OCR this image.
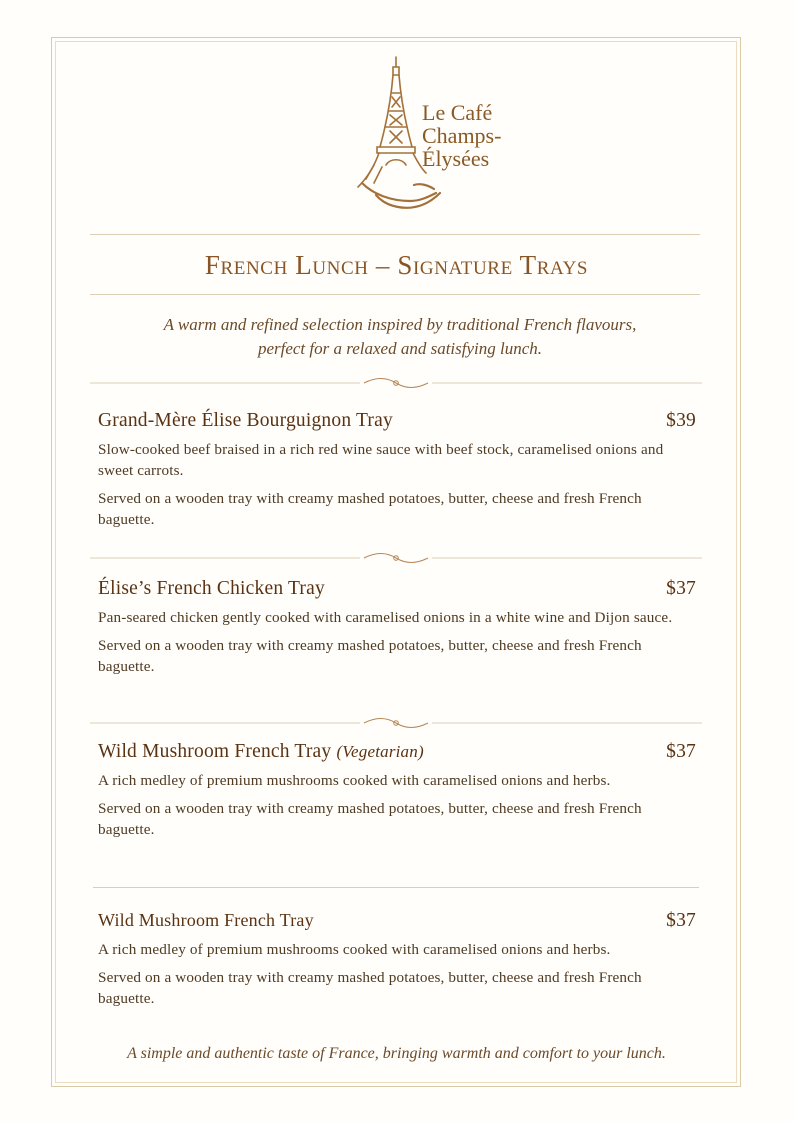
Le Café
Champs-
Élysées
French Lunch – Signature Trays
A warm and refined selection inspired by traditional French flavours,
perfect for a relaxed and satisfying lunch.
Grand-Mère Élise Bourguignon Tray	$39
Slow-cooked beef braised in a rich red wine sauce with beef stock, caramelised onions and sweet carrots.
Served on a wooden tray with creamy mashed potatoes, butter, cheese and fresh French baguette.
Élise’s French Chicken Tray	$37
Pan-seared chicken gently cooked with caramelised onions in a white wine and Dijon sauce.
Served on a wooden tray with creamy mashed potatoes, butter, cheese and fresh French baguette.
Wild Mushroom French Tray (Vegetarian)	$37
A rich medley of premium mushrooms cooked with caramelised onions and herbs.
Served on a wooden tray with creamy mashed potatoes, butter, cheese and fresh French baguette.
Wild Mushroom French Tray	$37
A rich medley of premium mushrooms cooked with caramelised onions and herbs.
Served on a wooden tray with creamy mashed potatoes, butter, cheese and fresh French baguette.
A simple and authentic taste of France, bringing warmth and comfort to your lunch.
